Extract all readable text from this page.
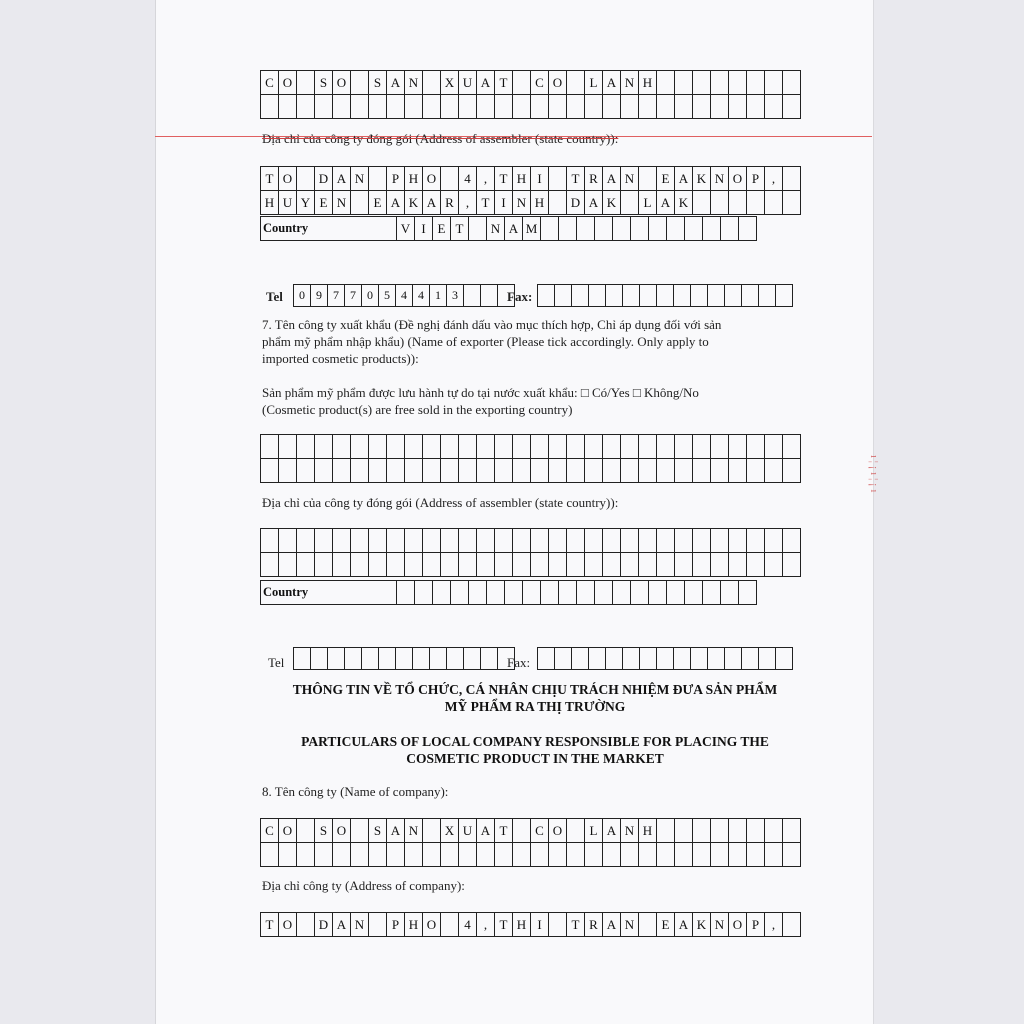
C O	S O	S A N	X U A T	C O	L A N H
Địa chỉ của công ty đóng gói (Address of assembler (state country)):
T O	D A N	P H O	4	, T H I	T R A N	E A K N O P ,
H U Y E N	E A K A R , T I N H	D A K	L A K
Country	V I E T	N A M
Tel	0 9 7 7 0 5 4 4 1 3	Fax:
7. Tên công ty xuất khẩu (Đề nghị đánh dấu vào mục thích hợp, Chỉ áp dụng đối với sản
phẩm mỹ phẩm nhập khẩu) (Name of exporter (Please tick accordingly. Only apply to
imported cosmetic products)):
Sản phẩm mỹ phẩm được lưu hành tự do tại nước xuất khẩu: □ Có/Yes □ Không/No
(Cosmetic product(s) are free sold in the exporting country)
Địa chỉ của công ty đóng gói (Address of assembler (state country)):
Country
Tel	Fax:
THÔNG TIN VỀ TỔ CHỨC, CÁ NHÂN CHỊU TRÁCH NHIỆM ĐƯA SẢN PHẨM
MỸ PHẨM RA THỊ TRƯỜNG
PARTICULARS OF LOCAL COMPANY RESPONSIBLE FOR PLACING THE
COSMETIC PRODUCT IN THE MARKET
8. Tên công ty (Name of company):
C O	S O	S A N	X U A T	C O	L A N H
Địa chỉ công ty (Address of company):
T O	D A N	P H O	4	, T H I	T R A N	E A K N O P ,
ı ¦ ¡ ı ¦ ¡ ı
